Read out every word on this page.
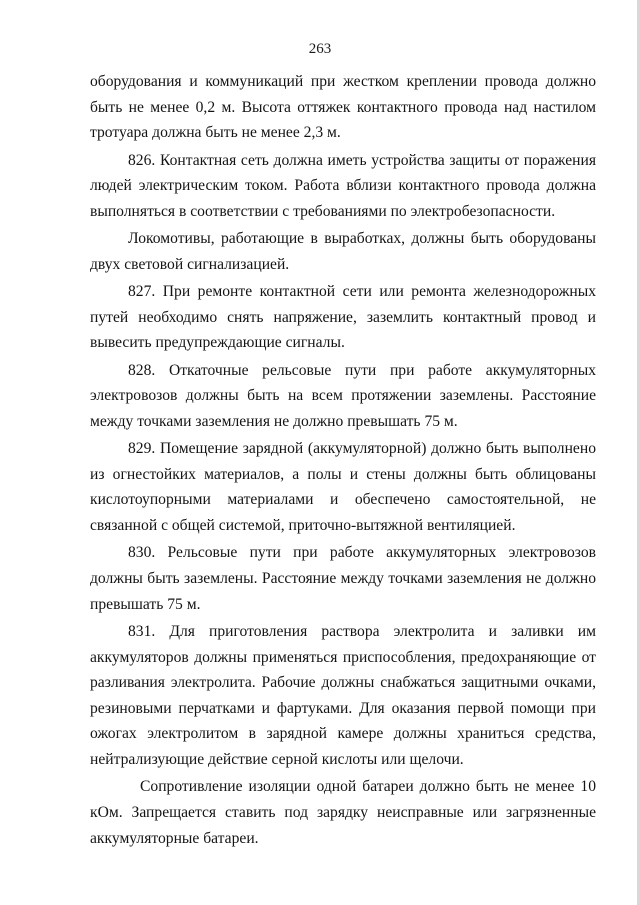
263

оборудования и коммуникаций при жестком креплении провода должно быть не менее 0,2 м. Высота оттяжек контактного провода над настилом тротуара должна быть не менее 2,3 м.

826. Контактная сеть должна иметь устройства защиты от поражения людей электрическим током. Работа вблизи контактного провода должна выполняться в соответствии с требованиями по электробезопасности.

Локомотивы, работающие в выработках, должны быть оборудованы двух световой сигнализацией.

827. При ремонте контактной сети или ремонта железнодорожных путей необходимо снять напряжение, заземлить контактный провод и вывесить предупреждающие сигналы.

828. Откаточные рельсовые пути при работе аккумуляторных электровозов должны быть на всем протяжении заземлены. Расстояние между точками заземления не должно превышать 75 м.

829. Помещение зарядной (аккумуляторной) должно быть выполнено из огнестойких материалов, а полы и стены должны быть облицованы кислотоупорными материалами и обеспечено самостоятельной, не связанной с общей системой, приточно-вытяжной вентиляцией.

830. Рельсовые пути при работе аккумуляторных электровозов должны быть заземлены. Расстояние между точками заземления не должно превышать 75 м.

831. Для приготовления раствора электролита и заливки им аккумуляторов должны применяться приспособления, предохраняющие от разливания электролита. Рабочие должны снабжаться защитными очками, резиновыми перчатками и фартуками. Для оказания первой помощи при ожогах электролитом в зарядной камере должны храниться средства, нейтрализующие действие серной кислоты или щелочи.

Сопротивление изоляции одной батареи должно быть не менее 10 кОм. Запрещается ставить под зарядку неисправные или загрязненные аккумуляторные батареи.
